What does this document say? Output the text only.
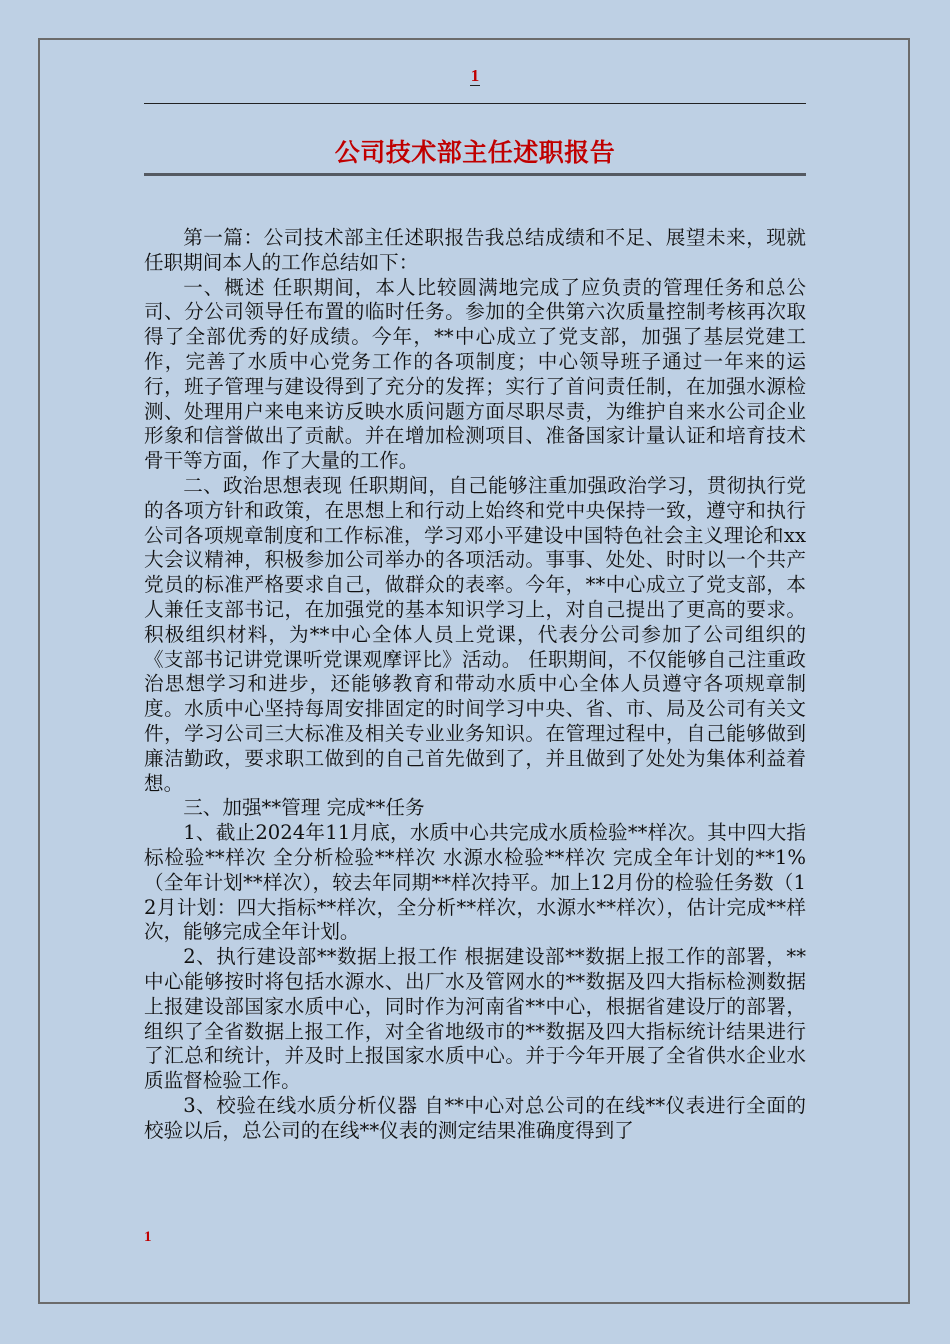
1
公司技术部主任述职报告

第一篇：公司技术部主任述职报告我总结成绩和不足、展望未来，现就任职期间本人的工作总结如下：

一、概述 任职期间，本人比较圆满地完成了应负责的管理任务和总公司、分公司领导任布置的临时任务。参加的全供第六次质量控制考核再次取得了全部优秀的好成绩。今年，**中心成立了党支部，加强了基层党建工作，完善了水质中心党务工作的各项制度；中心领导班子通过一年来的运行，班子管理与建设得到了充分的发挥；实行了首问责任制，在加强水源检测、处理用户来电来访反映水质问题方面尽职尽责，为维护自来水公司企业形象和信誉做出了贡献。并在增加检测项目、准备国家计量认证和培育技术骨干等方面，作了大量的工作。

二、政治思想表现 任职期间，自己能够注重加强政治学习，贯彻执行党的各项方针和政策，在思想上和行动上始终和党中央保持一致，遵守和执行公司各项规章制度和工作标准，学习邓小平建设中国特色社会主义理论和xx大会议精神，积极参加公司举办的各项活动。事事、处处、时时以一个共产党员的标准严格要求自己，做群众的表率。今年，**中心成立了党支部，本人兼任支部书记，在加强党的基本知识学习上，对自己提出了更高的要求。积极组织材料，为**中心全体人员上党课，代表分公司参加了公司组织的《支部书记讲党课听党课观摩评比》活动。 任职期间，不仅能够自己注重政治思想学习和进步，还能够教育和带动水质中心全体人员遵守各项规章制度。水质中心坚持每周安排固定的时间学习中央、省、市、局及公司有关文件，学习公司三大标准及相关专业业务知识。在管理过程中，自己能够做到廉洁勤政，要求职工做到的自己首先做到了，并且做到了处处为集体利益着想。

三、加强**管理 完成**任务

1、截止2024年11月底，水质中心共完成水质检验**样次。其中四大指标检验**样次 全分析检验**样次 水源水检验**样次 完成全年计划的**1%（全年计划**样次），较去年同期**样次持平。加上12月份的检验任务数（12月计划：四大指标**样次，全分析**样次，水源水**样次），估计完成**样次，能够完成全年计划。

2、执行建设部**数据上报工作 根据建设部**数据上报工作的部署，**中心能够按时将包括水源水、出厂水及管网水的**数据及四大指标检测数据上报建设部国家水质中心，同时作为河南省**中心，根据省建设厅的部署，组织了全省数据上报工作，对全省地级市的**数据及四大指标统计结果进行了汇总和统计，并及时上报国家水质中心。并于今年开展了全省供水企业水质监督检验工作。

3、校验在线水质分析仪器 自**中心对总公司的在线**仪表进行全面的校验以后，总公司的在线**仪表的测定结果准确度得到了

1
